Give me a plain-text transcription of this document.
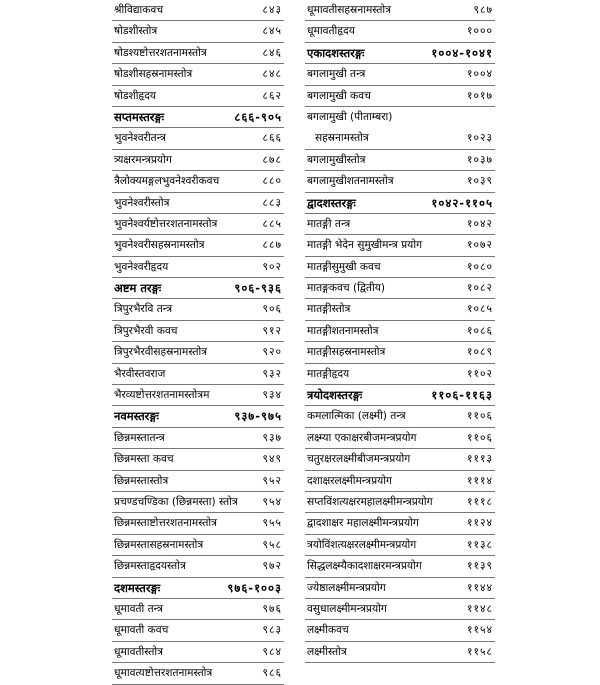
श्रीविद्याकवच	८४३
षोडशीस्तोत्र	८४५
षोडश्यष्टोत्तरशतनामस्तोत्र	८४६
षोडशीसहस्रनामस्तोत्र	८४८
षोडशीहृदय	८६२
सप्तमस्तरङ्गः	८६६-९०५
भुवनेश्वरीतन्त्र	८६६
त्र्यक्षरमन्त्रप्रयोग	८७८
त्रैलोक्यमङ्गलभुवनेश्वरीकवच	८८०
भुवनेश्वरीस्तोत्र	८८३
भुवनेश्वर्यष्टोत्तरशतनामस्तोत्र	८८५
भुवनेश्वरीसहस्रनामस्तोत्र	८८७
भुवनेश्वरीहृदय	९०२
अष्टम तरङ्गः	९०६-९३६
त्रिपुरभैरवि तन्त्र	९०६
त्रिपुरभैरवी कवच	९१२
त्रिपुरभैरवीसहस्रनामस्तोत्र	९२०
भैरवीस्तवराज	९३२
भैरव्यष्टोत्तरशतनामस्तोत्रम	९३४
नवमस्तरङ्गः	९३७-९७५
छिन्नमस्तातन्त्र	९३७
छिन्नमस्ता कवच	९४९
छिन्नमस्तास्तोत्र	९५२
प्रचण्डचण्डिका (छिन्नमस्ता) स्तोत्र ९५४
छिन्नमस्ताष्टोत्तरशतनामस्तोत्र	९५५
छिन्नमस्तासहस्रनामस्तोत्र	९५८
छिन्नमस्ताहृदयस्तोत्र	९७२
दशमस्तरङ्गः	९७६-१००३
धूमावती तन्त्र	९७६
धूमावती कवच	९८३
धूमावतीस्तोत्र	९८४
धूमावत्यष्टोत्तरशतनामस्तोत्र	९८६
धूमावतीसहस्रनामस्तोत्र	९८७
धूमावतीहृदय	१०००
एकादशस्तरङ्गः	१००४-१०४१
बगलामुखी तन्त्र	१००४
बगलामुखी कवच	१०१७
बगलामुखी (पीताम्बरा)
सहस्रनामस्तोत्र	१०२३
बगलामुखीस्तोत्र	१०३७
बगलामुखीशतनामस्तोत्र	१०३९
द्वादशस्तरङ्गः	१०४२-११०५
मातङ्गी तन्त्र	१०४२
मातङ्गी भेदेन सुमुखीमन्त्र प्रयोग	१०७२
मातङ्गीसुमुखी कवच	१०८०
मातङ्गकवच (द्वितीय)	१०८२
मातङ्गीस्तोत्र	१०८५
मातङ्गीशतनामस्तोत्र	१०८६
मातङ्गीसहस्रनामस्तोत्र	१०८९
मातङ्गीहृदय	११०२
त्रयोदशस्तरङ्गः	११०६-११६३
कमलात्मिका (लक्ष्मी) तन्त्र	११०६
लक्ष्म्या एकाक्षरबीजमन्त्रप्रयोग	११०६
चतुरक्षरलक्ष्मीबीजमन्त्रप्रयोग	१११३
दशाक्षरलक्ष्मीमन्त्रप्रयोग	१११४
सप्तविंशत्यक्षरमहालक्ष्मीमन्त्रप्रयोग	१११८
द्वादशाक्षर महालक्ष्मीमन्त्रप्रयोग	११२४
त्रयोविंशत्यक्षरलक्ष्मीमन्त्रप्रयोग	११३८
सिद्धलक्ष्म्यैकादशाक्षरमन्त्रप्रयोग	११३९
ज्येष्ठालक्ष्मीमन्त्रप्रयोग	११४४
वसुधालक्ष्मीमन्त्रप्रयोग	११४८
लक्ष्मीकवच	११५४
लक्ष्मीस्तोत्र	११५८
